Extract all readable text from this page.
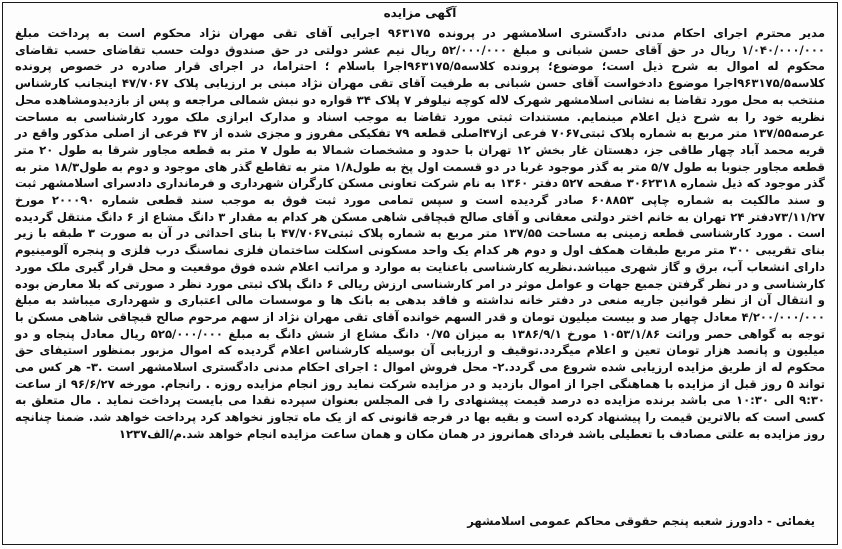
آگهی مزایده
مدیر محترم اجرای احکام مدنی دادگستری اسلامشهر در پرونده ۹۶۳۱۷۵ اجرایی آقای تقی مهران نژاد محکوم است به پرداخت مبلغ ۱/۰۴۰/۰۰۰/۰۰۰ ریال در حق آقای حسن شبانی و مبلغ ۵۲/۰۰۰/۰۰۰ ریال نیم عشر دولتی در حق صندوق دولت حسب تقاضای حسب تقاضای محکوم له اموال به شرح ذیل است؛ موضوع؛ پرونده کلاسه۹۶۳۱۷۵/۵اجرا باسلام ؛ احتراما، در اجرای قرار صادره در خصوص پرونده کلاسه۹۶۳۱۷۵/۵اجرا موضوع دادخواست آقای حسن شبانی به طرفیت آقای تقی مهران نژاد مبنی بر ارزیابی پلاک ۴۷/۷۰۶۷ اینجانب کارشناس منتخب به محل مورد تقاضا به نشانی اسلامشهر شهرک لاله کوچه نیلوفر ۷ پلاک ۳۴ قواره دو نبش شمالی مراجعه و پس از بازدیدومشاهده محل نظریه خود را به شرح ذیل اعلام مینمایم. مستندات ثبتی مورد تقاضا به موجب اسناد و مدارک ابرازی ملک مورد کارشناسی به مساحت عرصه۱۳۷/۵۵ متر مربع به شماره پلاک ثبتی۷۰۶۷ فرعی از۴۷اصلی قطعه ۷۹ تفکیکی مفروز و مجزی شده از ۴۷ فرعی از اصلی مذکور واقع در قریه محمد آباد چهار طاقی جز، دهستان غار بخش ۱۲ تهران با حدود و مشخصات شمالا به طول ۷ متر به قطعه مجاور شرقا به طول ۲۰ متر قطعه مجاور جنوبا به طول ۵/۷ متر به گذر موجود غربا در دو قسمت اول پخ به طول۱/۸ متر به تقاطع گذر های موجود و دوم به طول۱۸/۳ متر به گذر موجود که ذیل شماره ۳۰۶۲۳۱۸ صفحه ۵۲۷ دفتر ۱۳۶۰ به نام شرکت تعاونی مسکن کارگران شهرداری و فرمانداری دادسرای اسلامشهر ثبت و سند مالکیت به شماره چاپی ۶۰۸۸۵۳ صادر گردیده است و سپس تمامی مورد ثبت فوق به موجب سند قطعی شماره ۲۰۰۰۹۰ مورخ ۷۳/۱۱/۲۷دفتر ۲۴ تهران به خانم اختر دولتی معقانی و آقای صالح قبچاقی شاهی مسکن هر کدام به مقدار ۳ دانگ مشاع از ۶ دانگ منتقل گردیده است . مورد کارشناسی قطعه زمینی به مساحت ۱۳۷/۵۵ متر مربع به شماره پلاک ثبتی۴۷/۷۰۶۷ با بنای احداثی در آن به صورت ۳ طبقه با زیر بنای تقریبی ۳۰۰ متر مربع طبقات همکف اول و دوم هر کدام یک واحد مسکونی اسکلت ساختمان فلزی نماسنگ درب فلزی و پنجره آلومینیوم دارای انشعاب آب، برق و گاز شهری میباشد.نظریه کارشناسی باعنایت به موارد و مراتب اعلام شده فوق موقعیت و محل قرار گیری ملک مورد کارشناسی و در نظر گرفتن جمیع جهات و عوامل موثر در امر کارشناسی ارزش ریالی ۶ دانگ پلاک ثبتی مورد نظر د صورتی که بلا معارض بوده و انتقال آن از نظر قوانین جاریه منعی در دفتر خانه نداشته و فاقد بدهی به بانک ها و موسسات مالی اعتباری و شهرداری میباشد به مبلغ ۴/۲۰۰/۰۰۰/۰۰۰ معادل چهار صد و بیست میلیون تومان و قدر السهم خوانده آقای تقی مهران نژاد از سهم مرحوم صالح قبچاقی شاهی مسکن با توجه به گواهی حصر وراثت ۱۰۵۳/۱/۸۶ مورخ ۱۳۸۶/۹/۱ به میزان ۰/۷۵ دانگ مشاع از شش دانگ به مبلغ ۵۲۵/۰۰۰/۰۰۰ ریال معادل پنجاه و دو میلیون و پانصد هزار تومان تعین و اعلام میگردد.توقیف و ارزیابی آن بوسیله کارشناس اعلام گردیده که اموال مزبور بمنظور استیفای حق محکوم له از طریق مزایده ارزیابی شده شروع می گردد.۲- محل فروش اموال : اجرای احکام مدنی دادگستری اسلامشهر است .۳- هر کس می تواند ۵ روز قبل از مزایده با هماهنگی اجرا از اموال بازدید و در مزایده شرکت نماید روز انجام مزایده روزه . رانجام. مورخه ۹۶/۶/۲۷ از ساعت ۹:۳۰ الی ۱۰:۳۰ می باشد برنده مزایده ده درصد قیمت پیشنهادی را فی المجلس بعنوان سپرده نقدا می بایست پرداخت نماید . مال متعلق به کسی است که بالاترین قیمت را پیشنهاد کرده است و بقیه بها در فرجه قانونی که از یک ماه تجاوز نخواهد کرد پرداخت خواهد شد. ضمنا چنانچه روز مزایده به علتی مصادف با تعطیلی باشد فردای همانروز در همان مکان و همان ساعت مزایده انجام خواهد شد.م/الف۱۲۳۷
یغمائی - دادورز شعبه پنجم حقوقی محاکم عمومی اسلامشهر
